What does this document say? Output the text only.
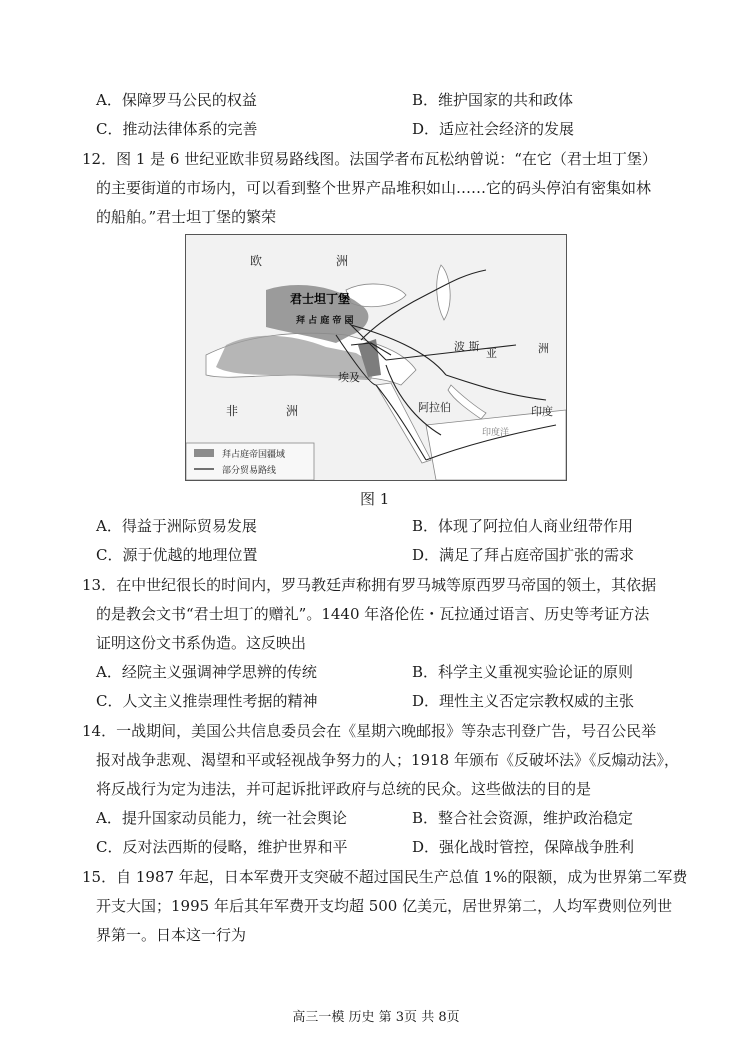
A．保障罗马公民的权益	B．维护国家的共和政体
C．推动法律体系的完善	D．适应社会经济的发展
12．图 1 是 6 世纪亚欧非贸易路线图。法国学者布瓦松纳曾说：“在它（君士坦丁堡）
的主要街道的市场内，可以看到整个世界产品堆积如山……它的码头停泊有密集如林
的船舶。”君士坦丁堡的繁荣
欧	洲
君士坦丁堡
拜 占 庭 帝 国
波 斯
亚	洲
埃及
非	洲	阿拉伯	印度
印度洋
拜占庭帝国疆域
部分贸易路线
图 1
A．得益于洲际贸易发展	B．体现了阿拉伯人商业纽带作用
C．源于优越的地理位置	D．满足了拜占庭帝国扩张的需求
13．在中世纪很长的时间内，罗马教廷声称拥有罗马城等原西罗马帝国的领土，其依据
的是教会文书“君士坦丁的赠礼”。1440 年洛伦佐・瓦拉通过语言、历史等考证方法
证明这份文书系伪造。这反映出
A．经院主义强调神学思辨的传统	B．科学主义重视实验论证的原则
C．人文主义推崇理性考据的精神	D．理性主义否定宗教权威的主张
14．一战期间，美国公共信息委员会在《星期六晚邮报》等杂志刊登广告，号召公民举
报对战争悲观、渴望和平或轻视战争努力的人；1918 年颁布《反破坏法》《反煽动法》，
将反战行为定为违法，并可起诉批评政府与总统的民众。这些做法的目的是
A．提升国家动员能力，统一社会舆论	B．整合社会资源，维护政治稳定
C．反对法西斯的侵略，维护世界和平	D．强化战时管控，保障战争胜利
15．自 1987 年起，日本军费开支突破不超过国民生产总值 1%的限额，成为世界第二军费
开支大国；1995 年后其年军费开支均超 500 亿美元，居世界第二，人均军费则位列世
界第一。日本这一行为
高三一模 历史 第 3页 共 8页
